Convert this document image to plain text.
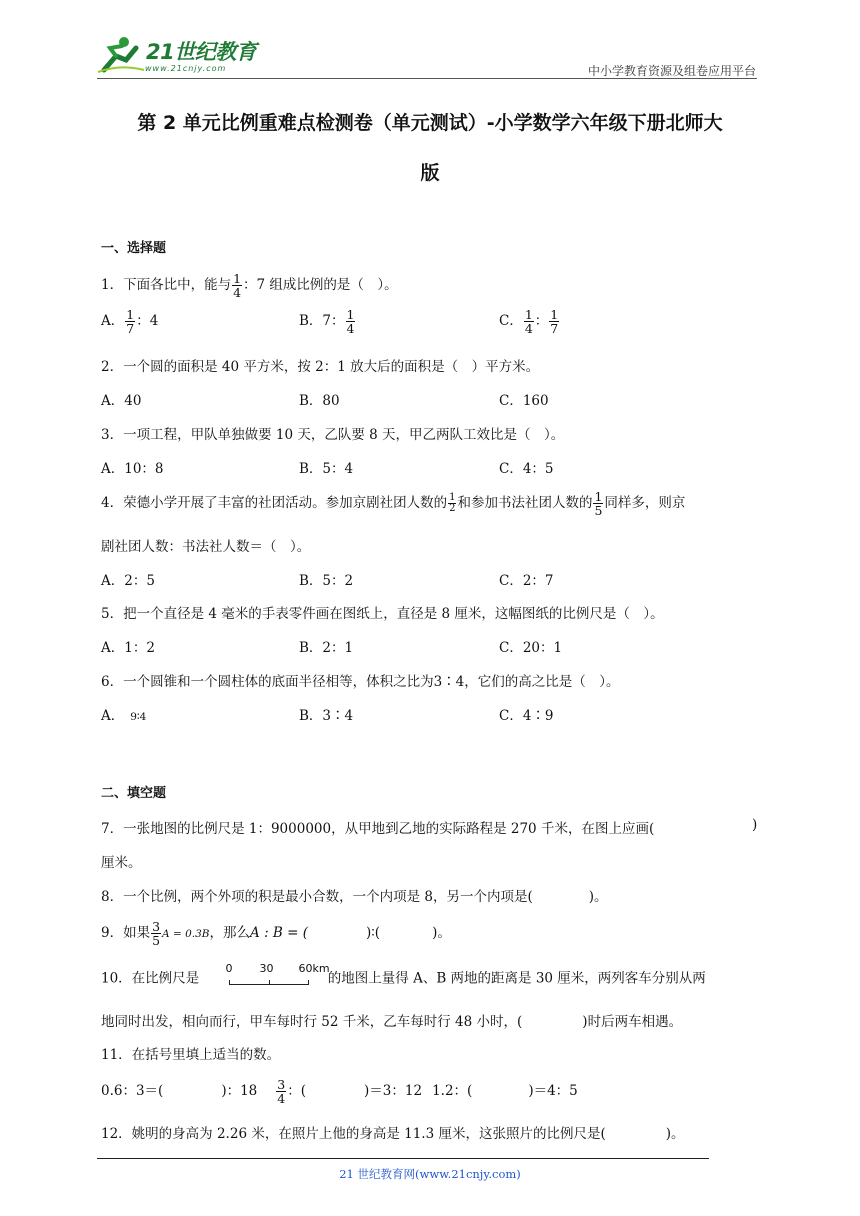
21世纪教育
www.21cnjy.com	中小学教育资源及组卷应用平台
第 2 单元比例重难点检测卷（单元测试）-小学数学六年级下册北师大
版
一、选择题
1．下面各比中，能与 $\frac{1}{4}$ ：7 组成比例的是（　）。
A． $\frac{1}{7}$ ：4	B．7： $\frac{1}{4}$	C． $\frac{1}{4}$ ： $\frac{1}{7}$
2．一个圆的面积是 40 平方米，按 2：1 放大后的面积是（　）平方米。
A．40	B．80	C．160
3．一项工程，甲队单独做要 10 天，乙队要 8 天，甲乙两队工效比是（　）。
A．10：8	B．5：4	C．4：5
4．荣德小学开展了丰富的社团活动。参加京剧社团人数的 $\frac{1}{2}$ 和参加书法社团人数的 $\frac{1}{5}$ 同样多，则京
剧社团人数：书法社人数＝（　）。
A．2：5	B．5：2	C．2：7
5．把一个直径是 4 毫米的手表零件画在图纸上，直径是 8 厘米，这幅图纸的比例尺是（　）。
A．1：2	B．2：1	C．20：1
6．一个圆锥和一个圆柱体的底面半径相等，体积之比为3∶4，它们的高之比是（　）。
A． 9∶4	B．3∶4	C．4∶9
二、填空题
7．一张地图的比例尺是 1：9000000，从甲地到乙地的实际路程是 270 千米，在图上应画(	)
厘米。
8．一个比例，两个外项的积是最小合数，一个内项是 8，另一个内项是(	)。
9．如果 $\frac{3}{5}$ A = 0.3B，那么A : B = (	)∶(	)。
10．在比例尺是
0 30 60km
的地图上量得 A、B 两地的距离是 30 厘米，两列客车分别从两
地同时出发，相向而行，甲车每时行 52 千米，乙车每时行 48 小时，(	)时后两车相遇。
11．在括号里填上适当的数。
0.6：3＝(	)：$18 \frac{3}{4}$ ：(	)＝3：12 1.2：(	)＝4：5
12．姚明的身高为 2.26 米，在照片上他的身高是 11.3 厘米，这张照片的比例尺是(	)。
21 世纪教育网(www.21cnjy.com)
